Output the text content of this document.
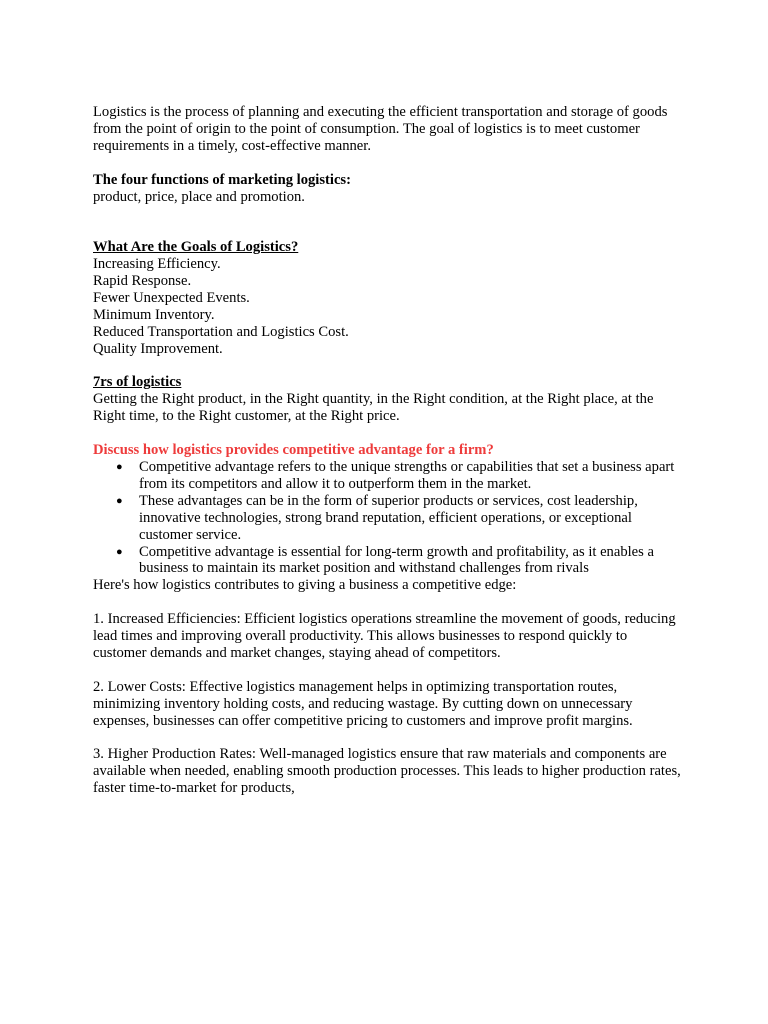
Logistics is the process of planning and executing the efficient transportation and storage of goods from the point of origin to the point of consumption. The goal of logistics is to meet customer requirements in a timely, cost-effective manner.

The four functions of marketing logistics:

product, price, place and promotion.

What Are the Goals of Logistics?

Increasing Efficiency.

Rapid Response.

Fewer Unexpected Events.

Minimum Inventory.

Reduced Transportation and Logistics Cost.

Quality Improvement.

7rs of logistics

Getting the Right product, in the Right quantity, in the Right condition, at the Right place, at the Right time, to the Right customer, at the Right price.

Discuss how logistics provides competitive advantage for a firm?

● Competitive advantage refers to the unique strengths or capabilities that set a business apart from its competitors and allow it to outperform them in the market.
● These advantages can be in the form of superior products or services, cost leadership, innovative technologies, strong brand reputation, efficient operations, or exceptional customer service.
● Competitive advantage is essential for long-term growth and profitability, as it enables a business to maintain its market position and withstand challenges from rivals

Here's how logistics contributes to giving a business a competitive edge:

1. Increased Efficiencies: Efficient logistics operations streamline the movement of goods, reducing lead times and improving overall productivity. This allows businesses to respond quickly to customer demands and market changes, staying ahead of competitors.

2. Lower Costs: Effective logistics management helps in optimizing transportation routes, minimizing inventory holding costs, and reducing wastage. By cutting down on unnecessary expenses, businesses can offer competitive pricing to customers and improve profit margins.

3. Higher Production Rates: Well-managed logistics ensure that raw materials and components are available when needed, enabling smooth production processes. This leads to higher production rates, faster time-to-market for products,
